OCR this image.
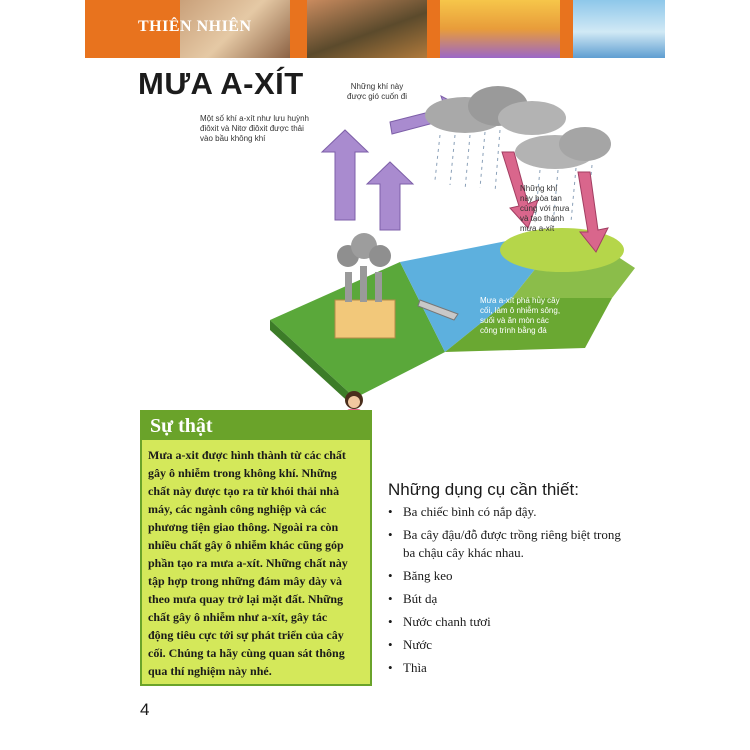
THIÊN NHIÊN
MƯA A-XÍT	Những khí này
được gió cuốn đi
Một số khí a-xít như lưu huỳnh
điôxit và Nitơ điôxit được thải
vào bầu không khí
Những khí
này hòa tan
cùng với mưa
và tạo thành
mưa a-xít
Mưa a-xít phá hủy cây
cối, làm ô nhiễm sông,
suối và ăn mòn các
công trình bằng đá
Sự thật
Mưa a-xit được hình thành từ các chất
gây ô nhiễm trong không khí. Những
chất này được tạo ra từ khói thải nhà
máy, các ngành công nghiệp và các
phương tiện giao thông. Ngoài ra còn
nhiều chất gây ô nhiễm khác cũng góp
phần tạo ra mưa a-xít. Những chất này
tập hợp trong những đám mây dày và
theo mưa quay trở lại mặt đất. Những
chất gây ô nhiễm như a-xít, gây tác
động tiêu cực tới sự phát triển của cây
cối. Chúng ta hãy cùng quan sát thông
qua thí nghiệm này nhé.
Những dụng cụ cần thiết:
• Ba chiếc bình có nắp đậy.
• Ba cây đậu/đỗ được trồng riêng biệt trong ba chậu cây khác nhau.
• Băng keo
• Bút dạ
• Nước chanh tươi
• Nước
• Thìa
4
